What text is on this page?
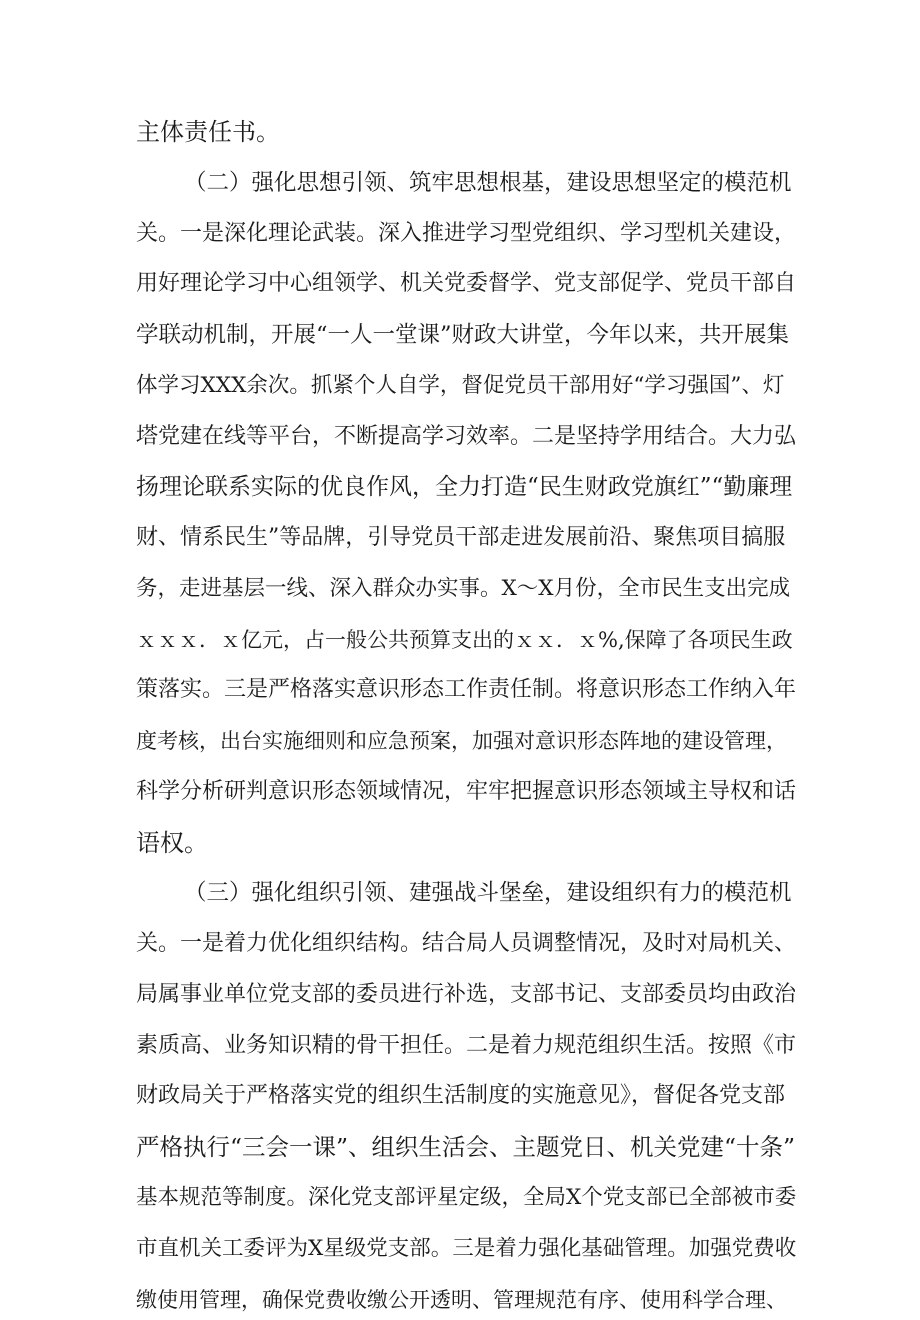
主体责任书。

（二）强化思想引领、筑牢思想根基，建设思想坚定的模范机

关。一是深化理论武装。深入推进学习型党组织、学习型机关建设，

用好理论学习中心组领学、机关党委督学、党支部促学、党员干部自

学联动机制，开展“一人一堂课”财政大讲堂，今年以来，共开展集

体学习XXX余次。抓紧个人自学，督促党员干部用好“学习强国”、灯

塔党建在线等平台，不断提高学习效率。二是坚持学用结合。大力弘

扬理论联系实际的优良作风，全力打造“民生财政党旗红”“勤廉理

财、情系民生”等品牌，引导党员干部走进发展前沿、聚焦项目搞服

务，走进基层一线、深入群众办实事。X〜X月份，全市民生支出完成

ｘｘｘ．ｘ亿元，占一般公共预算支出的ｘｘ．ｘ%,保障了各项民生政

策落实。三是严格落实意识形态工作责任制。将意识形态工作纳入年

度考核，出台实施细则和应急预案，加强对意识形态阵地的建设管理，

科学分析研判意识形态领域情况，牢牢把握意识形态领域主导权和话

语权。

（三）强化组织引领、建强战斗堡垒，建设组织有力的模范机

关。一是着力优化组织结构。结合局人员调整情况，及时对局机关、

局属事业单位党支部的委员进行补选，支部书记、支部委员均由政治

素质高、业务知识精的骨干担任。二是着力规范组织生活。按照《市

财政局关于严格落实党的组织生活制度的实施意见》，督促各党支部

严格执行“三会一课”、组织生活会、主题党日、机关党建“十条”

基本规范等制度。深化党支部评星定级，全局X个党支部已全部被市委

市直机关工委评为X星级党支部。三是着力强化基础管理。加强党费收

缴使用管理，确保党费收缴公开透明、管理规范有序、使用科学合理、
